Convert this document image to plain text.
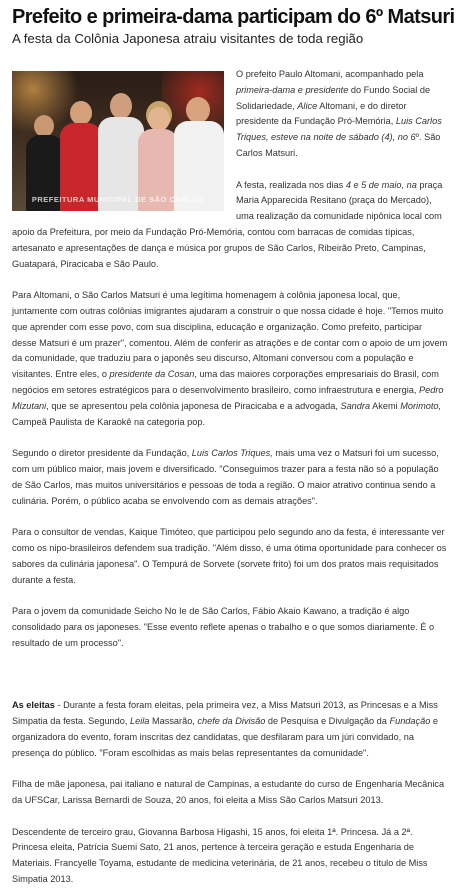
Prefeito e primeira-dama participam do 6º Matsuri
A festa da Colônia Japonesa atraiu visitantes de toda região
PREFEITURA MUNICIPAL DE SÃO CARLOS

O prefeito Paulo Altomani, acompanhado pela primeira-dama e presidente do Fundo Social de Solidariedade, Alice Altomani, e do diretor presidente da Fundação Pró-Memória, Luis Carlos Triques, esteve na noite de sábado (4), no 6º. São Carlos Matsuri.

A festa, realizada nos dias 4 e 5 de maio, na praça Maria Apparecida Resitano (praça do Mercado), uma realização da comunidade nipônica local com apoio da Prefeitura, por meio da Fundação Pró-Memória, contou com barracas de comidas típicas, artesanato e apresentações de dança e música por grupos de São Carlos, Ribeirão Preto, Campinas, Guatapará, Piracicaba e São Paulo.

Para Altomani, o São Carlos Matsuri é uma legítima homenagem à colônia japonesa local, que, juntamente com outras colônias imigrantes ajudaram a construir o que nossa cidade é hoje. "Temos muito que aprender com esse povo, com sua disciplina, educação e organização. Como prefeito, participar desse Matsuri é um prazer", comentou. Além de conferir as atrações e de contar com o apoio de um jovem da comunidade, que traduziu para o japonês seu discurso, Altomani conversou com a população e visitantes. Entre eles, o presidente da Cosan, uma das maiores corporações empresariais do Brasil, com negócios em setores estratégicos para o desenvolvimento brasileiro, como infraestrutura e energia, Pedro Mizutani, que se apresentou pela colônia japonesa de Piracicaba e a advogada, Sandra Akemi Morimoto, Campeã Paulista de Karaokê na categoria pop.

Segundo o diretor presidente da Fundação, Luis Carlos Triques, mais uma vez o Matsuri foi um sucesso, com um público maior, mais jovem e diversificado. "Conseguimos trazer para a festa não só a população de São Carlos, mas muitos universitários e pessoas de toda a região. O maior atrativo continua sendo a culinária. Porém, o público acaba se envolvendo com as demais atrações".

Para o consultor de vendas, Kaique Timóteo, que participou pelo segundo ano da festa, é interessante ver como os nipo-brasileiros defendem sua tradição. "Além disso, é uma ótima oportunidade para conhecer os sabores da culinária japonesa". O Tempurá de Sorvete (sorvete frito) foi um dos pratos mais requisitados durante a festa.

Para o jovem da comunidade Seicho No Ie de São Carlos, Fábio Akaio Kawano, a tradição é algo consolidado para os japoneses. "Esse evento reflete apenas o trabalho e o que somos diariamente. É o resultado de um processo".

As eleitas - Durante a festa foram eleitas, pela primeira vez, a Miss Matsuri 2013, as Princesas e a Miss Simpatia da festa. Segundo, Leila Massarão, chefe da Divisão de Pesquisa e Divulgação da Fundação e organizadora do evento, foram inscritas dez candidatas, que desfilaram para um júri convidado, na presença do público. "Foram escolhidas as mais belas representantes da comunidade".

Filha de mãe japonesa, pai italiano e natural de Campinas, a estudante do curso de Engenharia Mecânica da UFSCar, Larissa Bernardi de Souza, 20 anos, foi eleita a Miss São Carlos Matsuri 2013.

Descendente de terceiro grau, Giovanna Barbosa Higashi, 15 anos, foi eleita 1ª. Princesa. Já a 2ª. Princesa eleita, Patrícia Suemi Sato, 21 anos, pertence à terceira geração e estuda Engenharia de Materiais. Francyelle Toyama, estudante de medicina veterinária, de 21 anos, recebeu o título de Miss Simpatia 2013.
